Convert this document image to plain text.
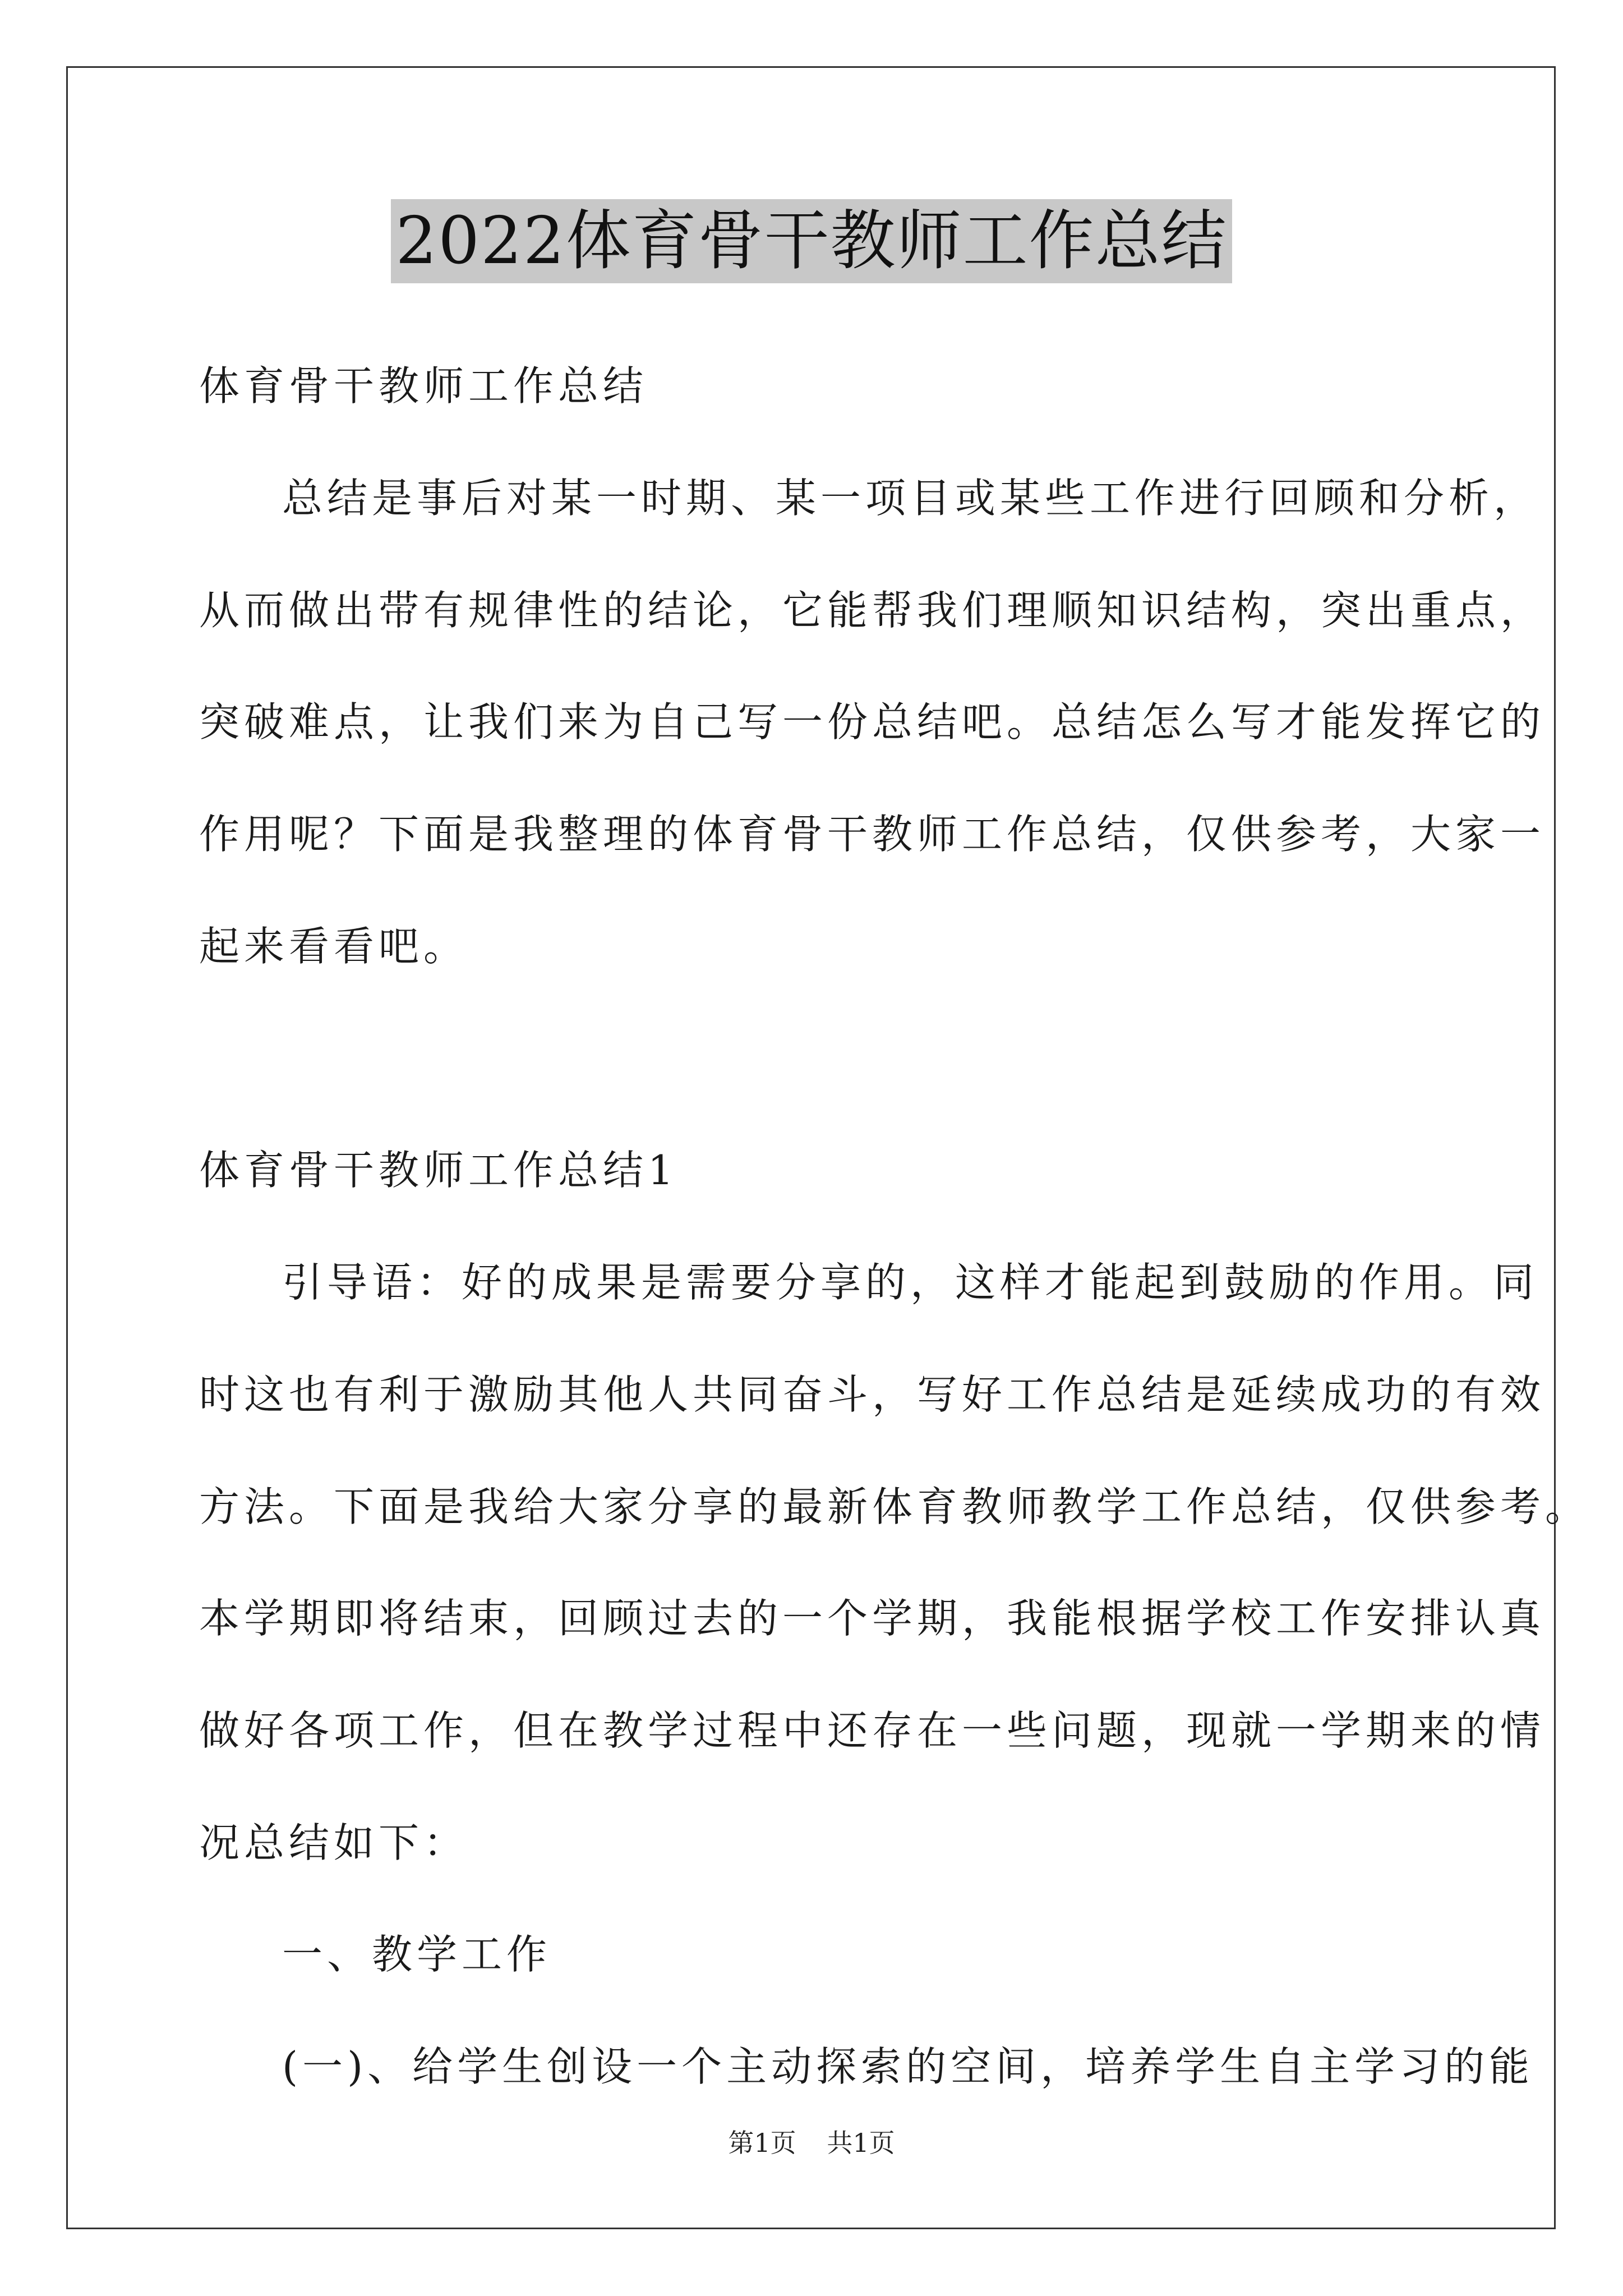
2022体育骨干教师工作总结
体育骨干教师工作总结
总结是事后对某一时期、某一项目或某些工作进行回顾和分析，
从而做出带有规律性的结论，它能帮我们理顺知识结构，突出重点，
突破难点，让我们来为自己写一份总结吧。总结怎么写才能发挥它的
作用呢？下面是我整理的体育骨干教师工作总结，仅供参考，大家一
起来看看吧。
体育骨干教师工作总结1
引导语：好的成果是需要分享的，这样才能起到鼓励的作用。同
时这也有利于激励其他人共同奋斗，写好工作总结是延续成功的有效
方法。下面是我给大家分享的最新体育教师教学工作总结，仅供参考。
本学期即将结束，回顾过去的一个学期，我能根据学校工作安排认真
做好各项工作，但在教学过程中还存在一些问题，现就一学期来的情
况总结如下：
一、教学工作
(一)、给学生创设一个主动探索的空间，培养学生自主学习的能
第1页 共1页
